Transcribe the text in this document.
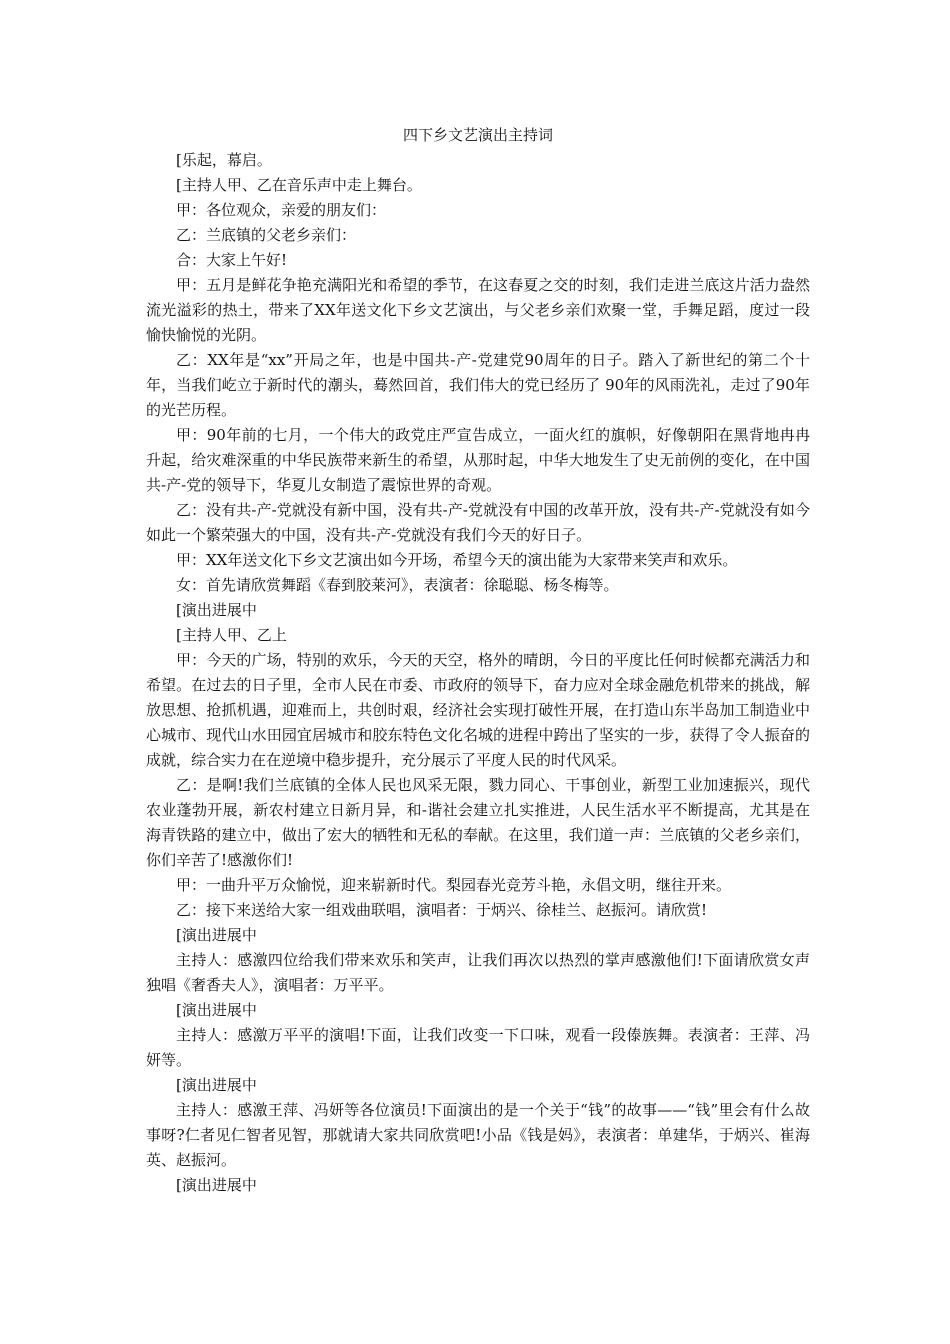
四下乡文艺演出主持词

[乐起，幕启。

[主持人甲、乙在音乐声中走上舞台。

甲：各位观众，亲爱的朋友们：

乙：兰底镇的父老乡亲们：

合：大家上午好!

甲：五月是鲜花争艳充满阳光和希望的季节，在这春夏之交的时刻，我们走进兰底这片活力盎然流光溢彩的热土，带来了XX年送文化下乡文艺演出，与父老乡亲们欢聚一堂，手舞足蹈，度过一段愉快愉悦的光阴。

乙：XX年是“xx”开局之年，也是中国共-产-党建党90周年的日子。踏入了新世纪的第二个十年，当我们屹立于新时代的潮头，蓦然回首，我们伟大的党已经历了 90年的风雨洗礼，走过了90年的光芒历程。

甲：90年前的七月，一个伟大的政党庄严宣告成立，一面火红的旗帜，好像朝阳在黑背地冉冉升起，给灾难深重的中华民族带来新生的希望，从那时起，中华大地发生了史无前例的变化，在中国共-产-党的领导下，华夏儿女制造了震惊世界的奇观。

乙：没有共-产-党就没有新中国，没有共-产-党就没有中国的改革开放，没有共-产-党就没有如今如此一个繁荣强大的中国，没有共-产-党就没有我们今天的好日子。

甲：XX年送文化下乡文艺演出如今开场，希望今天的演出能为大家带来笑声和欢乐。

女：首先请欣赏舞蹈《春到胶莱河》，表演者：徐聪聪、杨冬梅等。

[演出进展中

[主持人甲、乙上

甲：今天的广场，特别的欢乐，今天的天空，格外的晴朗，今日的平度比任何时候都充满活力和希望。在过去的日子里，全市人民在市委、市政府的领导下，奋力应对全球金融危机带来的挑战，解放思想、抢抓机遇，迎难而上，共创时艰，经济社会实现打破性开展，在打造山东半岛加工制造业中心城市、现代山水田园宜居城市和胶东特色文化名城的进程中跨出了坚实的一步，获得了令人振奋的成就，综合实力在在逆境中稳步提升，充分展示了平度人民的时代风采。

乙：是啊!我们兰底镇的全体人民也风采无限，戮力同心、干事创业，新型工业加速振兴，现代农业蓬勃开展，新农村建立日新月异，和-谐社会建立扎实推进，人民生活水平不断提高，尤其是在海青铁路的建立中，做出了宏大的牺牲和无私的奉献。在这里，我们道一声：兰底镇的父老乡亲们，你们辛苦了!感激你们!

甲：一曲升平万众愉悦，迎来崭新时代。梨园春光竞芳斗艳，永倡文明，继往开来。

乙：接下来送给大家一组戏曲联唱，演唱者：于炳兴、徐桂兰、赵振河。请欣赏!

[演出进展中

主持人：感激四位给我们带来欢乐和笑声，让我们再次以热烈的掌声感激他们!下面请欣赏女声独唱《奢香夫人》，演唱者：万平平。

[演出进展中

主持人：感激万平平的演唱!下面，让我们改变一下口味，观看一段傣族舞。表演者：王萍、冯妍等。

[演出进展中

主持人：感激王萍、冯妍等各位演员!下面演出的是一个关于“钱”的故事——“钱”里会有什么故事呀?仁者见仁智者见智，那就请大家共同欣赏吧!小品《钱是妈》，表演者：单建华，于炳兴、崔海英、赵振河。

[演出进展中
